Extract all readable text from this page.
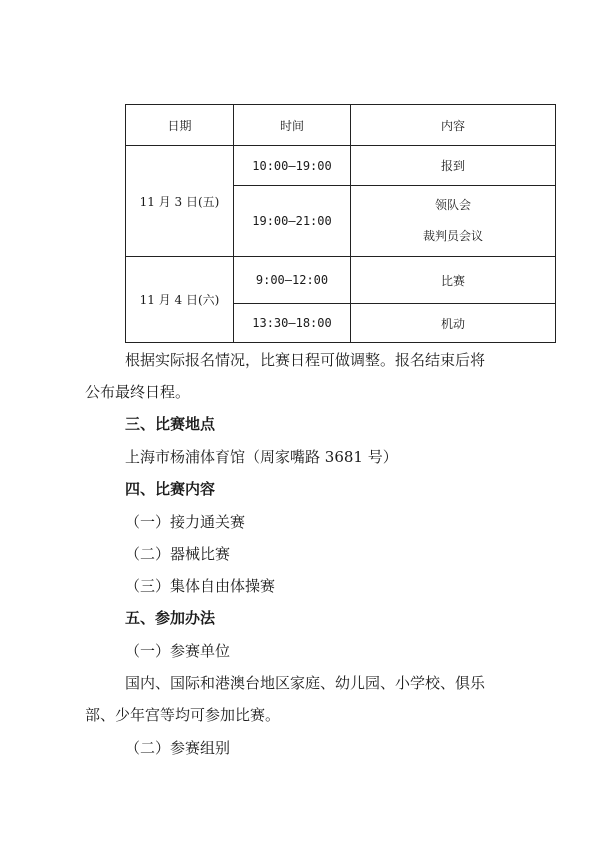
日期	时间	内容
11 月 3 日(五)	10:00—19:00	报到
	19:00—21:00	领队会
裁判员会议

11 月 4 日(六)	9:00—12:00	比赛
	13:30—18:00	机动
根据实际报名情况，比赛日程可做调整。报名结束后将
公布最终日程。
三、比赛地点
上海市杨浦体育馆（周家嘴路 3681 号）
四、比赛内容
（一）接力通关赛
（二）器械比赛
（三）集体自由体操赛
五、参加办法
（一）参赛单位
国内、国际和港澳台地区家庭、幼儿园、小学校、俱乐
部、少年宫等均可参加比赛。
（二）参赛组别
